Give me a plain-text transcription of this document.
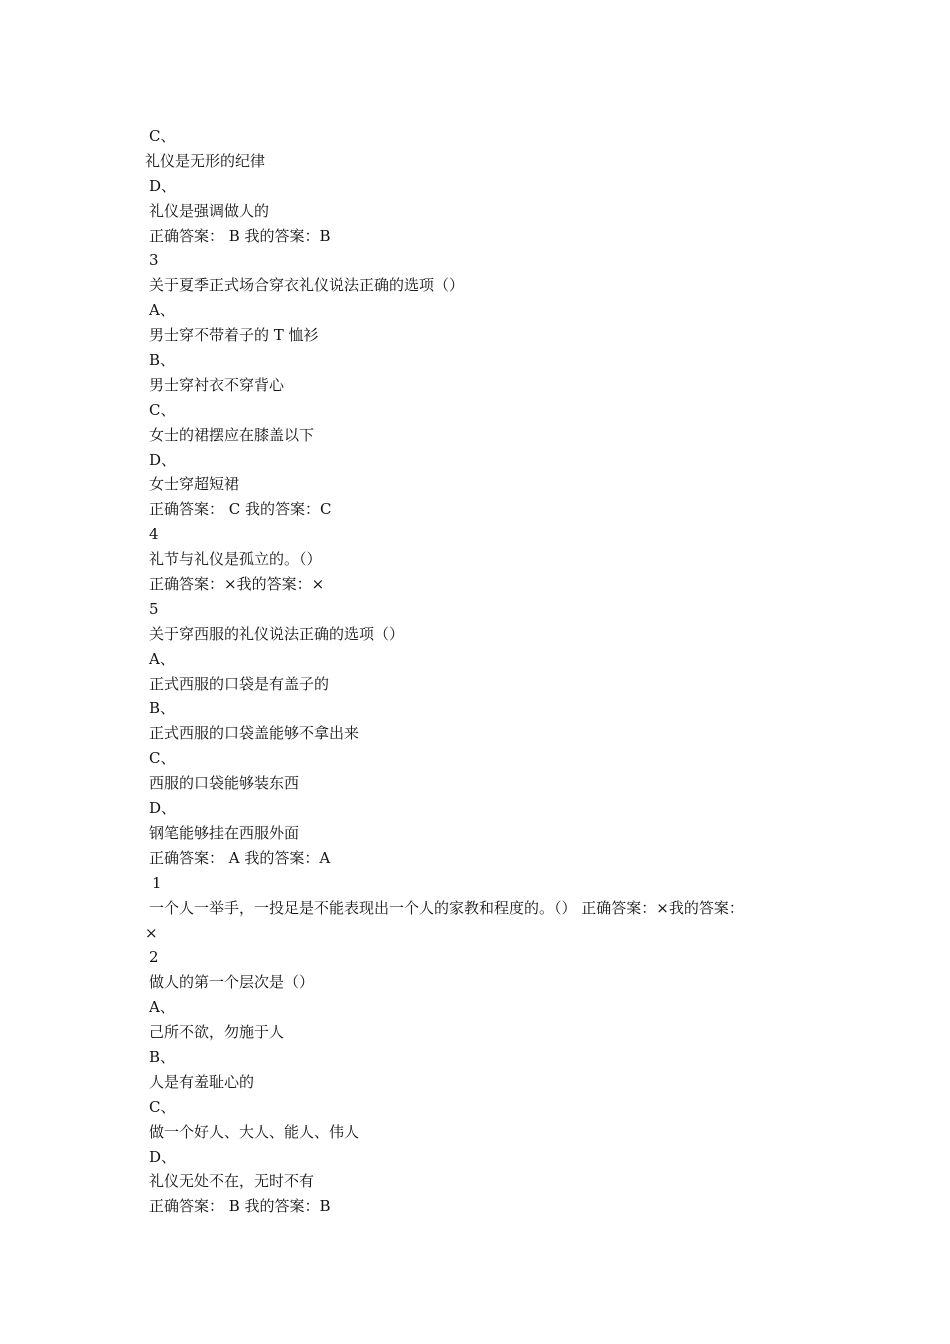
C、
礼仪是无形的纪律
D、
礼仪是强调做人的
正确答案： B 我的答案：B
3
关于夏季正式场合穿衣礼仪说法正确的选项（）
A、
男士穿不带着子的 T 恤衫
B、
男士穿衬衣不穿背心
C、
女士的裙摆应在膝盖以下
D、
女士穿超短裙
正确答案： C 我的答案：C
4
礼节与礼仪是孤立的。（）
正确答案：×我的答案：×
5
关于穿西服的礼仪说法正确的选项（）
A、
正式西服的口袋是有盖子的
B、
正式西服的口袋盖能够不拿出来
C、
西服的口袋能够装东西
D、
钢笔能够挂在西服外面
正确答案： A 我的答案：A
1
一个人一举手，一投足是不能表现出一个人的家教和程度的。（） 正确答案：×我的答案：
×
2
做人的第一个层次是（）
A、
己所不欲，勿施于人
B、
人是有羞耻心的
C、
做一个好人、大人、能人、伟人
D、
礼仪无处不在，无时不有
正确答案： B 我的答案：B
